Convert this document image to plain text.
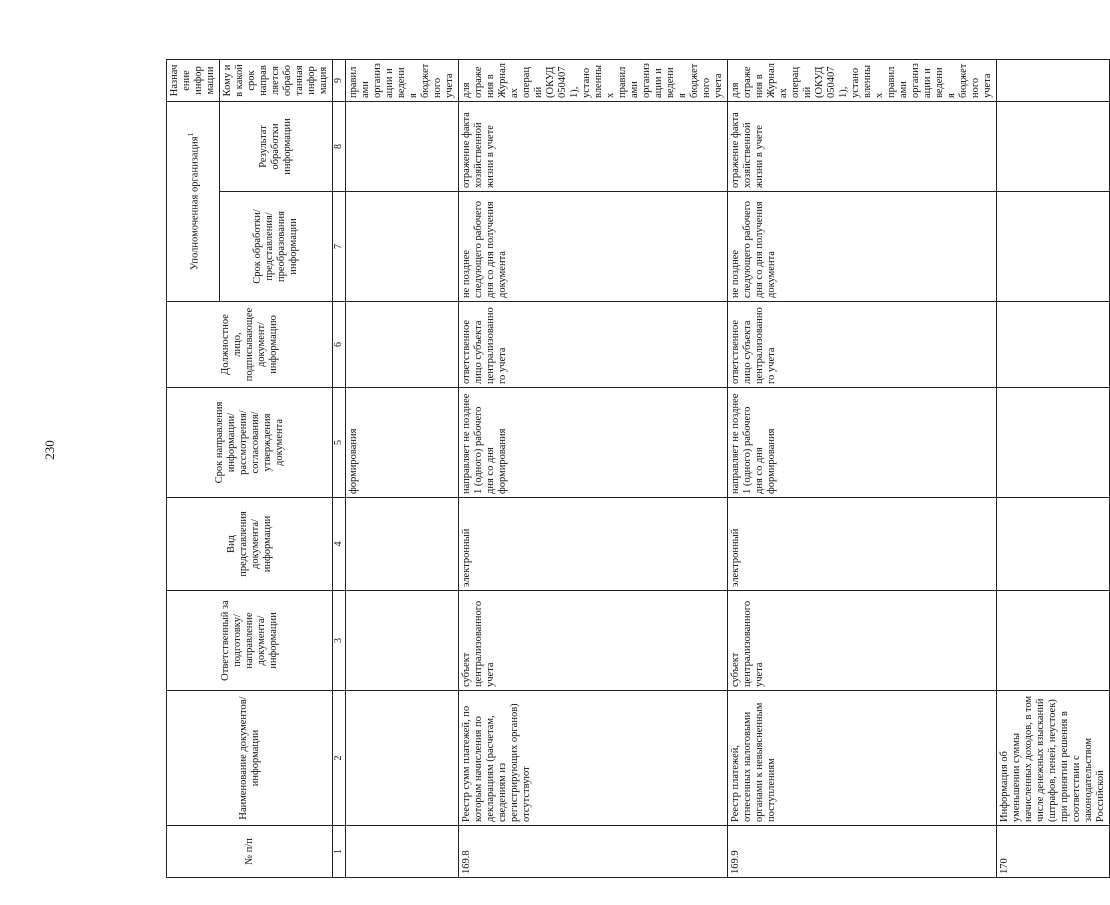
230
№ п/п	Наименование документов/ информации	Ответственный за подготовку/ направление документа/ информации	Вид представления документа/ информации	Срок направления информации/ рассмотрения/ согласования/ утверждения документа	Должностное лицо, подписывающее документ/ информацию	Уполномоченная организация$^1$		Назначение информации
						Срок обработки/ представления/ преобразования информации	Результат обработки информации	Кому и в какой срок направляется обработанная информация
1	2	3	4	5	6	7	8	9
				формирования				правилами организации и ведения бюджетного учета
169.8	Реестр сумм платежей, по которым начисления по декларациям (расчетам, сведениям из регистрирующих органов) отсутствуют	субъект централизованного учета	электронный	направляет не позднее 1 (одного) рабочего дня со дня формирования	ответственное лицо субъекта централизованного учета	не позднее следующего рабочего дня со дня получения документа	отражение факта хозяйственной жизни в учете	для отражения в Журналах операций (ОКУД 0504071), установленных правилами организации и ведения бюджетного учета
169.9	Реестр платежей, отнесенных налоговыми органами к невыясненным поступлениям	субъект централизованного учета	электронный	направляет не позднее 1 (одного) рабочего дня со дня формирования	ответственное лицо субъекта централизованного учета	не позднее следующего рабочего дня со дня получения документа	отражение факта хозяйственной жизни в учете	для отражения в Журналах операций (ОКУД 0504071), установленных правилами организации и ведения бюджетного учета
170	Информация об уменьшении суммы начисленных доходов, в том числе денежных взысканий (штрафов, пеней, неустоек) при принятии решения в соответствии с законодательством Российской							
